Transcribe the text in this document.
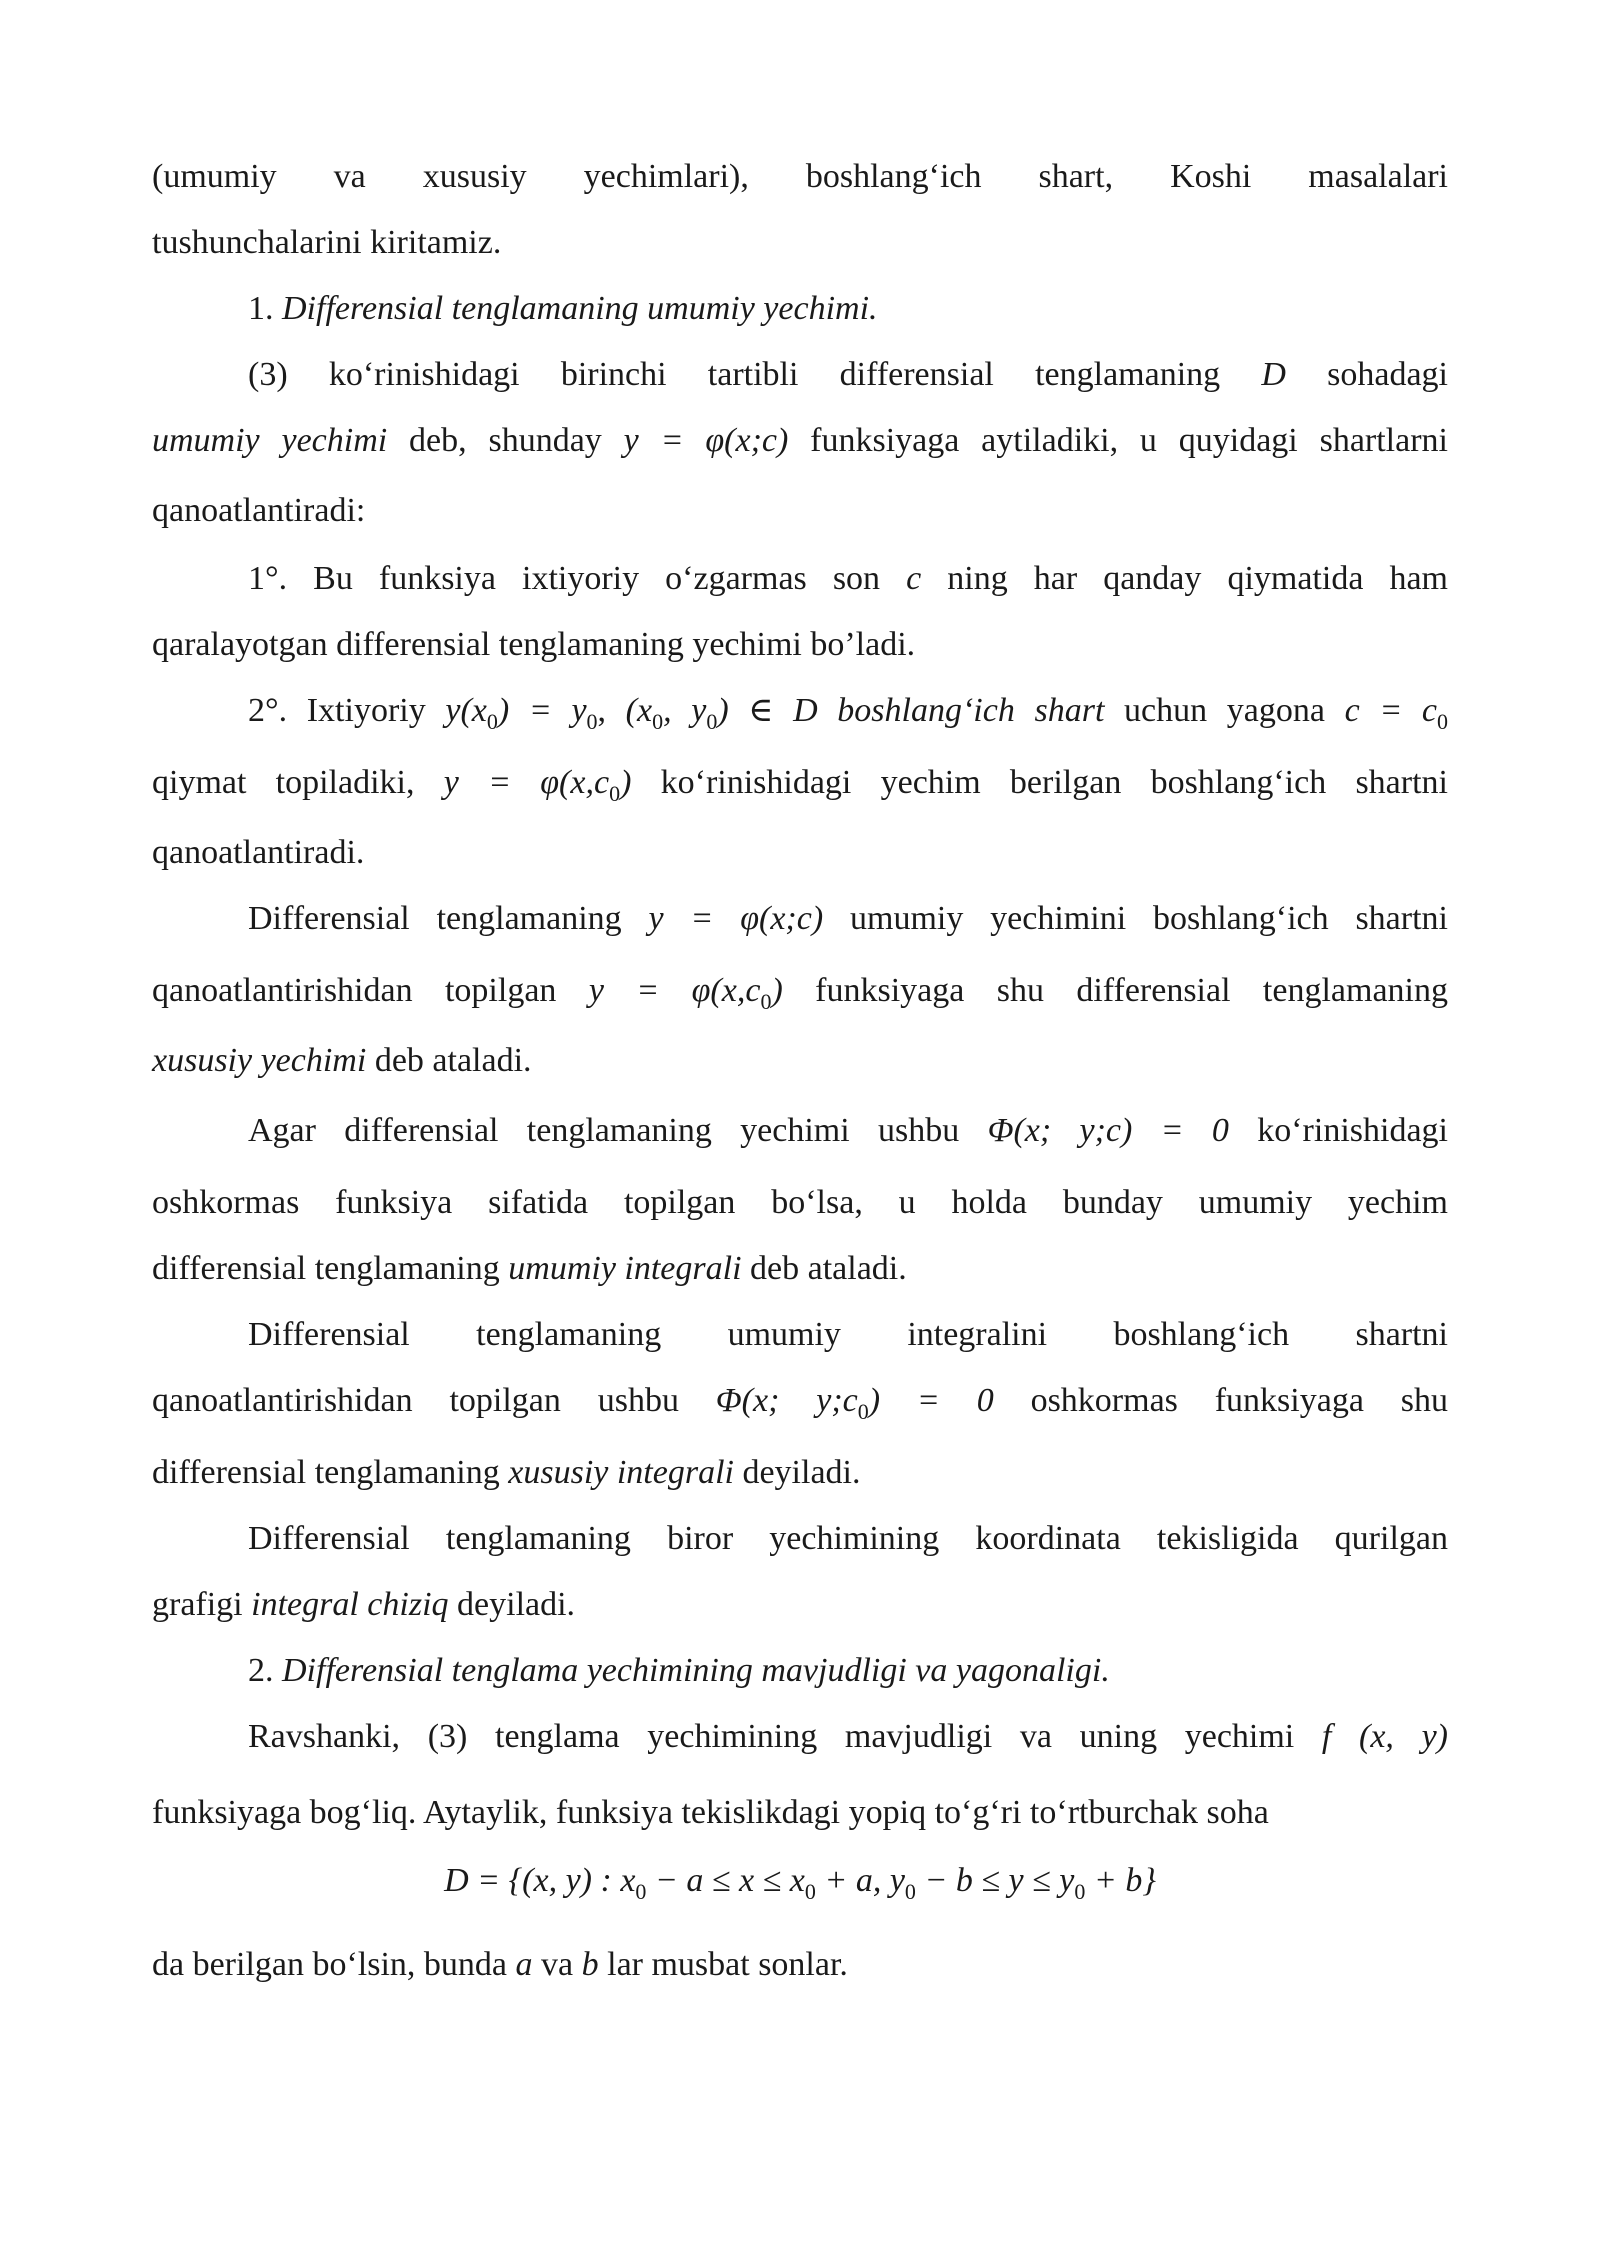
(umumiy va xususiy yechimlari), boshlang‘ich shart, Koshi masalalari
tushunchalarini kiritamiz.
1. Differensial tenglamaning umumiy yechimi.
(3) ko‘rinishidagi birinchi tartibli differensial tenglamaning D sohadagi
umumiy yechimi deb, shunday y = φ(x;c) funksiyaga aytiladiki, u quyidagi shartlarni
qanoatlantiradi:
1°. Bu funksiya ixtiyoriy o‘zgarmas son c ning har qanday qiymatida ham
qaralayotgan differensial tenglamaning yechimi bo’ladi.
2°. Ixtiyoriy $y(x_0) = y_0$, ($x_0$, $y_0$) ∈ D boshlang‘ich shart uchun yagona $c = c_0$
qiymat topiladiki, $y = \varphi(x,c_0)$ ko‘rinishidagi yechim berilgan boshlang‘ich shartni
qanoatlantiradi.
Differensial tenglamaning y = φ(x;c) umumiy yechimini boshlang‘ich shartni
qanoatlantirishidan topilgan $y = \varphi(x,c_0)$ funksiyaga shu differensial tenglamaning
xususiy yechimi deb ataladi.
Agar differensial tenglamaning yechimi ushbu Φ(x; y;c) = 0 ko‘rinishidagi
oshkormas funksiya sifatida topilgan bo‘lsa, u holda bunday umumiy yechim
differensial tenglamaning umumiy integrali deb ataladi.
Differensial tenglamaning umumiy integralini boshlang‘ich shartni
qanoatlantirishidan topilgan ushbu Φ(x; $y;c_0) = 0$ oshkormas funksiyaga shu
differensial tenglamaning xususiy integrali deyiladi.
Differensial tenglamaning biror yechimining koordinata tekisligida qurilgan
grafigi integral chiziq deyiladi.
2. Differensial tenglama yechimining mavjudligi va yagonaligi.
Ravshanki, (3) tenglama yechimining mavjudligi va uning yechimi f (x, y)
funksiyaga bog‘liq. Aytaylik, funksiya tekislikdagi yopiq to‘g‘ri to‘rtburchak soha
D = {(x, y) : $x_0 - a \le x \le x_0 + a$, $y_0 - b \le y \le y_0 + b$}
da berilgan bo‘lsin, bunda a va b lar musbat sonlar.
